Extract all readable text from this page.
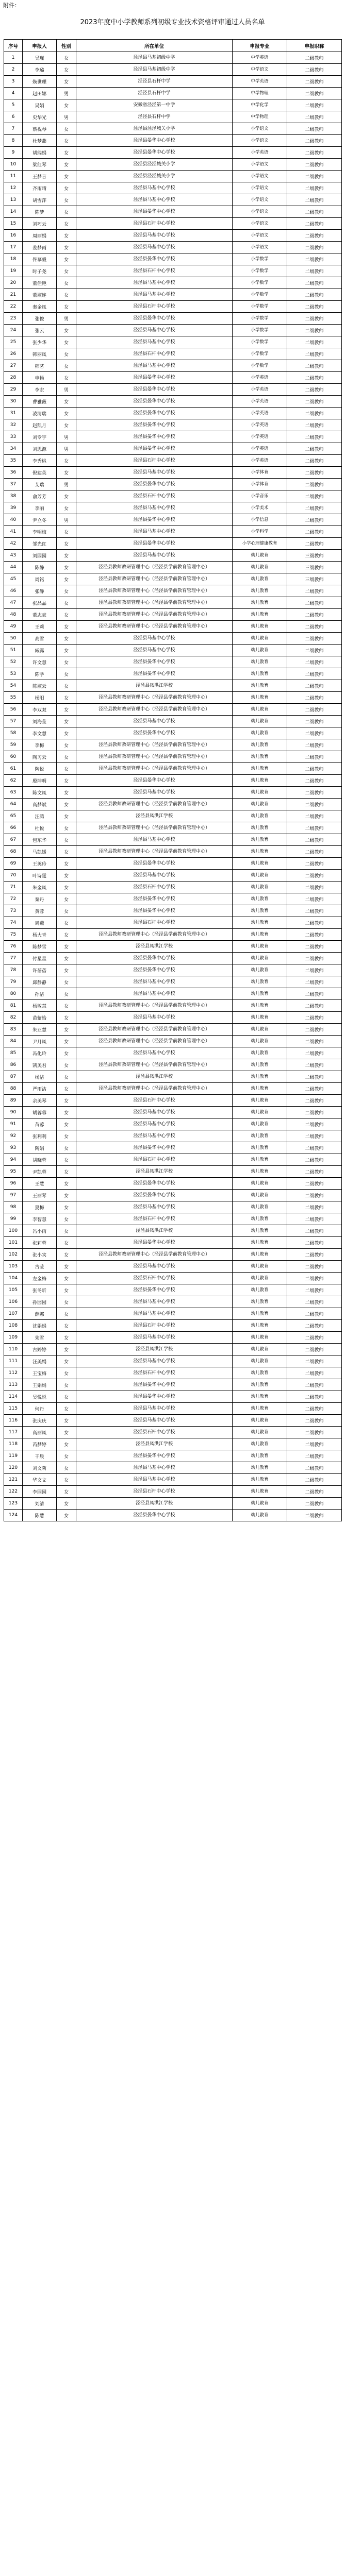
附件：
2023年度中小学教师系列初级专业技术资格评审通过人员名单
序号	申报人	性别	所在单位	申报专业	申报职称
1	吴瑾	女	泾泾县马基初级中学	中学英语	二级教师
2	李璐	女	泾泾县马基初级中学	中学语文	二级教师
3	焕世理	女	泾泾县石杆中学	中学英语	二级教师
4	赵田娜	男	泾泾县石杆中学	中学物理	二级教师
5	吴娟	女	安徽省泾泾第一中学	中学化学	二级教师
6	史华光	男	泾泾县石杆中学	中学物理	二级教师
7	蔡祝琴	女	泾泾县泾泾城关小学	小学语文	二级教师
8	杜梦燕	女	泾泾县晏华中心学校	小学语文	二级教师
9	胡瑞娟	女	泾泾县晏华中心学校	小学英语	二级教师
10	梁红琴	女	泾泾县泾泾城关小学	小学语文	二级教师
11	王梦言	女	泾泾县泾泾城关小学	小学语文	二级教师
12	齐雨晴	女	泾泾县马基中心学校	小学语文	二级教师
13	胡雪萍	女	泾泾县马基中心学校	小学语文	二级教师
14	陈梦	女	泾泾县晏华中心学校	小学语文	二级教师
15	刘巧云	女	泾泾县石杆中心学校	小学语文	二级教师
16	周丽娟	女	泾泾县马基中心学校	小学语文	二级教师
17	姜梦雨	女	泾泾县马基中心学校	小学语文	二级教师
18	佟慕毅	女	泾泾县晏华中心学校	小学数学	二级教师
19	时子尧	女	泾泾县石杆中心学校	小学数学	二级教师
20	董佳艳	女	泾泾县马基中心学校	小学数学	二级教师
21	董淑连	女	泾泾县马基中心学校	小学数学	二级教师
22	秦金凤	女	泾泾县石杆中心学校	小学数学	二级教师
23	张俊	男	泾泾县晏华中心学校	小学数学	二级教师
24	张云	女	泾泾县马基中心学校	小学数学	二级教师
25	张少华	女	泾泾县马基中心学校	小学数学	二级教师
26	韩丽凤	女	泾泾县石杆中心学校	小学数学	二级教师
27	韩茗	女	泾泾县马基中心学校	小学数学	二级教师
28	申畅	女	泾泾县晏华中心学校	小学英语	二级教师
29	李宏	男	泾泾县晏华中心学校	小学英语	二级教师
30	曹雅薇	女	泾泾县晏华中心学校	小学英语	二级教师
31	凌清瑞	女	泾泾县晏华中心学校	小学英语	二级教师
32	赵凯月	女	泾泾县晏华中心学校	小学英语	二级教师
33	刘专宇	男	泾泾县晏华中心学校	小学英语	二级教师
34	刘思源	男	泾泾县晏华中心学校	小学英语	二级教师
35	李秀桃	女	泾泾县石杆中心学校	小学英语	二级教师
36	倪建英	女	泾泾县马基中心学校	小学体育	二级教师
37	艾瑞	男	泾泾县晏华中心学校	小学体育	二级教师
38	俞芳芳	女	泾泾县石杆中心学校	小学音乐	二级教师
39	李丽	女	泾泾县马基中心学校	小学美术	二级教师
40	尹立冬	男	泾泾县晏华中心学校	小学信息	二级教师
41	李明梅	女	泾泾县马基中心学校	小学科学	二级教师
42	邹光红	女	泾泾县晏华中心学校	小学心理健康教育	二级教师
43	刘园园	女	泾泾县马基中心学校	幼儿教育	三级教师
44	陈静	女	泾泾县教师教研管理中心（泾泾县学前教育管理中心）	幼儿教育	三级教师
45	周铭	女	泾泾县教师教研管理中心（泾泾县学前教育管理中心）	幼儿教育	三级教师
46	张静	女	泾泾县教师教研管理中心（泾泾县学前教育管理中心）	幼儿教育	二级教师
47	张晶晶	女	泾泾县教师教研管理中心（泾泾县学前教育管理中心）	幼儿教育	二级教师
48	董志豪	女	泾泾县教师教研管理中心（泾泾县学前教育管理中心）	幼儿教育	二级教师
49	王莉	女	泾泾县教师教研管理中心（泾泾县学前教育管理中心）	幼儿教育	二级教师
50	高雪	女	泾泾县马基中心学校	幼儿教育	二级教师
51	臧露	女	泾泾县马基中心学校	幼儿教育	二级教师
52	许文慧	女	泾泾县晏华中心学校	幼儿教育	二级教师
53	陈学	女	泾泾县晏华中心学校	幼儿教育	二级教师
54	陈淑云	女	泾泾县凤洪江学校	幼儿教育	二级教师
55	杨阳	女	泾泾县教师教研管理中心（泾泾县学前教育管理中心）	幼儿教育	二级教师
56	李双双	女	泾泾县教师教研管理中心（泾泾县学前教育管理中心）	幼儿教育	二级教师
57	刘海莹	女	泾泾县马基中心学校	幼儿教育	二级教师
58	李文慧	女	泾泾县晏华中心学校	幼儿教育	二级教师
59	李梅	女	泾泾县教师教研管理中心（泾泾县学前教育管理中心）	幼儿教育	二级教师
60	陶习云	女	泾泾县教师教研管理中心（泾泾县学前教育管理中心）	幼儿教育	二级教师
61	陶悦	女	泾泾县教师教研管理中心（泾泾县学前教育管理中心）	幼儿教育	二级教师
62	殷坤明	女	泾泾县晏华中心学校	幼儿教育	二级教师
63	陈文凤	女	泾泾县马基中心学校	幼儿教育	二级教师
64	高梦斌	女	泾泾县教师教研管理中心（泾泾县学前教育管理中心）	幼儿教育	二级教师
65	汪鸿	女	泾泾县凤洪江学校	幼儿教育	二级教师
66	杜悦	女	泾泾县教师教研管理中心（泾泾县学前教育管理中心）	幼儿教育	二级教师
67	包东华	女	泾泾县马基中心学校	幼儿教育	二级教师
68	马凯媛	女	泾泾县教师教研管理中心（泾泾县学前教育管理中心）	幼儿教育	二级教师
69	王英玲	女	泾泾县晏华中心学校	幼儿教育	二级教师
70	叶诗霆	女	泾泾县马基中心学校	幼儿教育	二级教师
71	朱金凤	女	泾泾县石杆中心学校	幼儿教育	二级教师
72	秦丹	女	泾泾县晏华中心学校	幼儿教育	二级教师
73	黄蓉	女	泾泾县晏华中心学校	幼儿教育	二级教师
74	周燕	女	泾泾县石杆中心学校	幼儿教育	二级教师
75	杨大青	女	泾泾县教师教研管理中心（泾泾县学前教育管理中心）	幼儿教育	二级教师
76	陈梦雪	女	泾泾县凤洪江学校	幼儿教育	二级教师
77	付星星	女	泾泾县晏华中心学校	幼儿教育	二级教师
78	许蓓蓓	女	泾泾县晏华中心学校	幼儿教育	二级教师
79	邱静静	女	泾泾县马基中心学校	幼儿教育	二级教师
80	孙洁	女	泾泾县马基中心学校	幼儿教育	二级教师
81	杨敏慧	女	泾泾县教师教研管理中心（泾泾县学前教育管理中心）	幼儿教育	二级教师
82	苗紫怡	女	泾泾县马基中心学校	幼儿教育	二级教师
83	朱亚慧	女	泾泾县教师教研管理中心（泾泾县学前教育管理中心）	幼儿教育	二级教师
84	尹月凤	女	泾泾县教师教研管理中心（泾泾县学前教育管理中心）	幼儿教育	二级教师
85	冯化玲	女	泾泾县马基中心学校	幼儿教育	二级教师
86	凯美君	女	泾泾县教师教研管理中心（泾泾县学前教育管理中心）	幼儿教育	二级教师
87	杨洁	女	泾泾县凤洪江学校	幼儿教育	二级教师
88	严雨洁	女	泾泾县教师教研管理中心（泾泾县学前教育管理中心）	幼儿教育	二级教师
89	余美琴	女	泾泾县石杆中心学校	幼儿教育	二级教师
90	胡蓉蓉	女	泾泾县马基中心学校	幼儿教育	二级教师
91	苗蓉	女	泾泾县马基中心学校	幼儿教育	二级教师
92	张利利	女	泾泾县马基中心学校	幼儿教育	二级教师
93	陶娟	女	泾泾县晏华中心学校	幼儿教育	二级教师
94	胡晓蓉	女	泾泾县石杆中心学校	幼儿教育	二级教师
95	尹凯蓉	女	泾泾县凤洪江学校	幼儿教育	二级教师
96	王慧	女	泾泾县晏华中心学校	幼儿教育	二级教师
97	王丽琴	女	泾泾县晏华中心学校	幼儿教育	二级教师
98	夏梅	女	泾泾县马基中心学校	幼儿教育	二级教师
99	李智慧	女	泾泾县石杆中心学校	幼儿教育	二级教师
100	冯小雨	女	泾泾县凤洪江学校	幼儿教育	二级教师
101	张莉蓉	女	泾泾县晏华中心学校	幼儿教育	二级教师
102	张小宾	女	泾泾县教师教研管理中心（泾泾县学前教育管理中心）	幼儿教育	二级教师
103	古莹	女	泾泾县马基中心学校	幼儿教育	二级教师
104	左金梅	女	泾泾县石杆中心学校	幼儿教育	二级教师
105	张冬昕	女	泾泾县晏华中心学校	幼儿教育	二级教师
106	孙园园	女	泾泾县马基中心学校	幼儿教育	二级教师
107	薛娜	女	泾泾县马基中心学校	幼儿教育	二级教师
108	沈娟娟	女	泾泾县石杆中心学校	幼儿教育	二级教师
109	朱雪	女	泾泾县马基中心学校	幼儿教育	二级教师
110	古婷婷	女	泾泾县凤洪江学校	幼儿教育	二级教师
111	汪美娟	女	泾泾县马基中心学校	幼儿教育	二级教师
112	王宝梅	女	泾泾县石杆中心学校	幼儿教育	二级教师
113	王娟娟	女	泾泾县晏华中心学校	幼儿教育	二级教师
114	吴悦悦	女	泾泾县晏华中心学校	幼儿教育	二级教师
115	何丹	女	泾泾县马基中心学校	幼儿教育	二级教师
116	张庆庆	女	泾泾县马基中心学校	幼儿教育	二级教师
117	高丽凤	女	泾泾县石杆中心学校	幼儿教育	二级教师
118	芮梦婷	女	泾泾县凤洪江学校	幼儿教育	二级教师
119	干晨	女	泾泾县晏华中心学校	幼儿教育	二级教师
120	刘文莉	女	泾泾县马基中心学校	幼儿教育	二级教师
121	华文文	女	泾泾县马基中心学校	幼儿教育	二级教师
122	李园园	女	泾泾县石杆中心学校	幼儿教育	二级教师
123	刘清	女	泾泾县凤洪江学校	幼儿教育	二级教师
124	陈慧	女	泾泾县晏华中心学校	幼儿教育	二级教师
